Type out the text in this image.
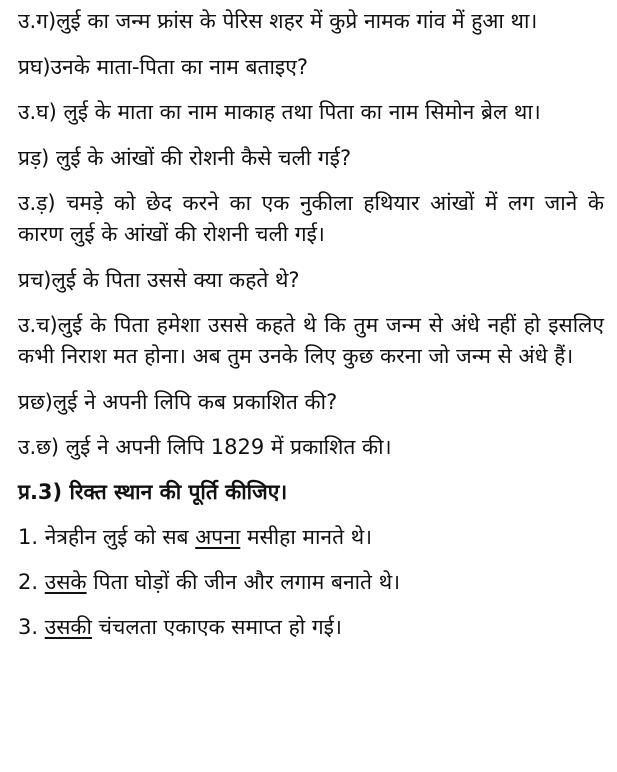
उ.ग)लुई का जन्म फ्रांस के पेरिस शहर में कुप्रे नामक गांव में हुआ था।

प्रघ)उनके माता-पिता का नाम बताइए?

उ.घ) लुई के माता का नाम माकाह तथा पिता का नाम सिमोन ब्रेल था।

प्रड़) लुई के आंखों की रोशनी कैसे चली गई?

उ.ड़) चमड़े को छेद करने का एक नुकीला हथियार आंखों में लग जाने के कारण लुई के आंखों की रोशनी चली गई।

प्रच)लुई के पिता उससे क्या कहते थे?

उ.च)लुई के पिता हमेशा उससे कहते थे कि तुम जन्म से अंधे नहीं हो इसलिए कभी निराश मत होना। अब तुम उनके लिए कुछ करना जो जन्म से अंधे हैं।

प्रछ)लुई ने अपनी लिपि कब प्रकाशित की?

उ.छ) लुई ने अपनी लिपि 1829 में प्रकाशित की।

प्र.3) रिक्त स्थान की पूर्ति कीजिए।

1. नेत्रहीन लुई को सब अपना मसीहा मानते थे।

2. उसके पिता घोड़ों की जीन और लगाम बनाते थे।

3. उसकी चंचलता एकाएक समाप्त हो गई।
